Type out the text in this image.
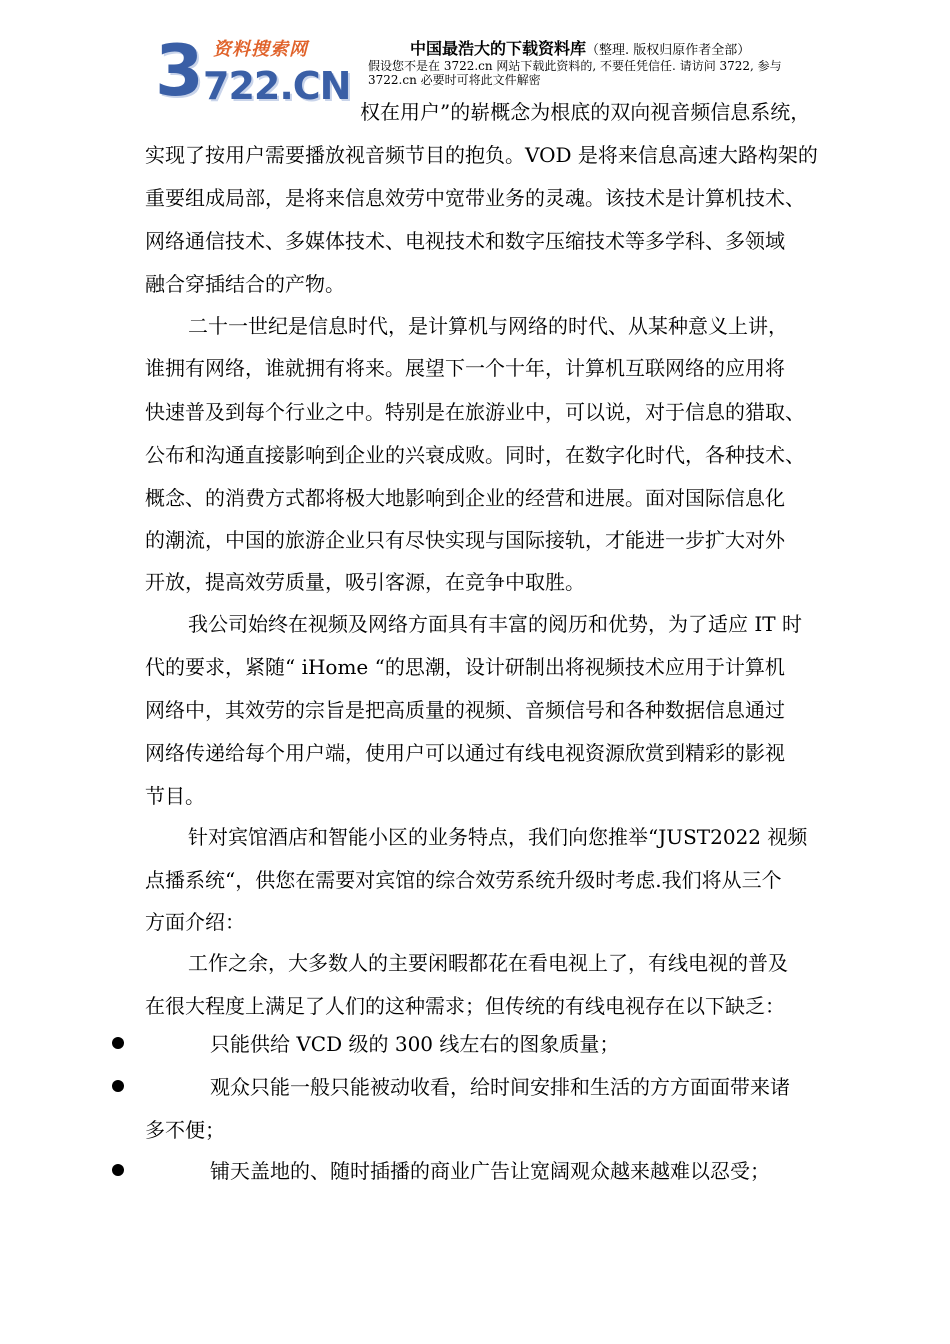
3 资料搜索网
722.CN
中国最浩大的下载资料库（整理. 版权归原作者全部）
假设您不是在 3722.cn 网站下载此资料的, 不要任凭信任. 请访问 3722, 参与
3722.cn 必要时可将此文件解密

权在用户”的崭概念为根底的双向视音频信息系统，

实现了按用户需要播放视音频节目的抱负。VOD 是将来信息高速大路构架的

重要组成局部，是将来信息效劳中宽带业务的灵魂。该技术是计算机技术、

网络通信技术、多媒体技术、电视技术和数字压缩技术等多学科、多领域

融合穿插结合的产物。

二十一世纪是信息时代，是计算机与网络的时代、从某种意义上讲，

谁拥有网络，谁就拥有将来。展望下一个十年，计算机互联网络的应用将

快速普及到每个行业之中。特别是在旅游业中，可以说，对于信息的猎取、

公布和沟通直接影响到企业的兴衰成败。同时，在数字化时代，各种技术、

概念、的消费方式都将极大地影响到企业的经营和进展。面对国际信息化

的潮流，中国的旅游企业只有尽快实现与国际接轨，才能进一步扩大对外

开放，提高效劳质量，吸引客源，在竞争中取胜。

我公司始终在视频及网络方面具有丰富的阅历和优势，为了适应 IT 时

代的要求，紧随“ iHome “的思潮，设计研制出将视频技术应用于计算机

网络中，其效劳的宗旨是把高质量的视频、音频信号和各种数据信息通过

网络传递给每个用户端，使用户可以通过有线电视资源欣赏到精彩的影视

节目。

针对宾馆酒店和智能小区的业务特点，我们向您推举“JUST2022 视频

点播系统“，供您在需要对宾馆的综合效劳系统升级时考虑.我们将从三个

方面介绍：

工作之余，大多数人的主要闲暇都花在看电视上了，有线电视的普及

在很大程度上满足了人们的这种需求；但传统的有线电视存在以下缺乏：

只能供给 VCD 级的 300 线左右的图象质量；

观众只能一般只能被动收看，给时间安排和生活的方方面面带来诸

多不便；

铺天盖地的、随时插播的商业广告让宽阔观众越来越难以忍受；
